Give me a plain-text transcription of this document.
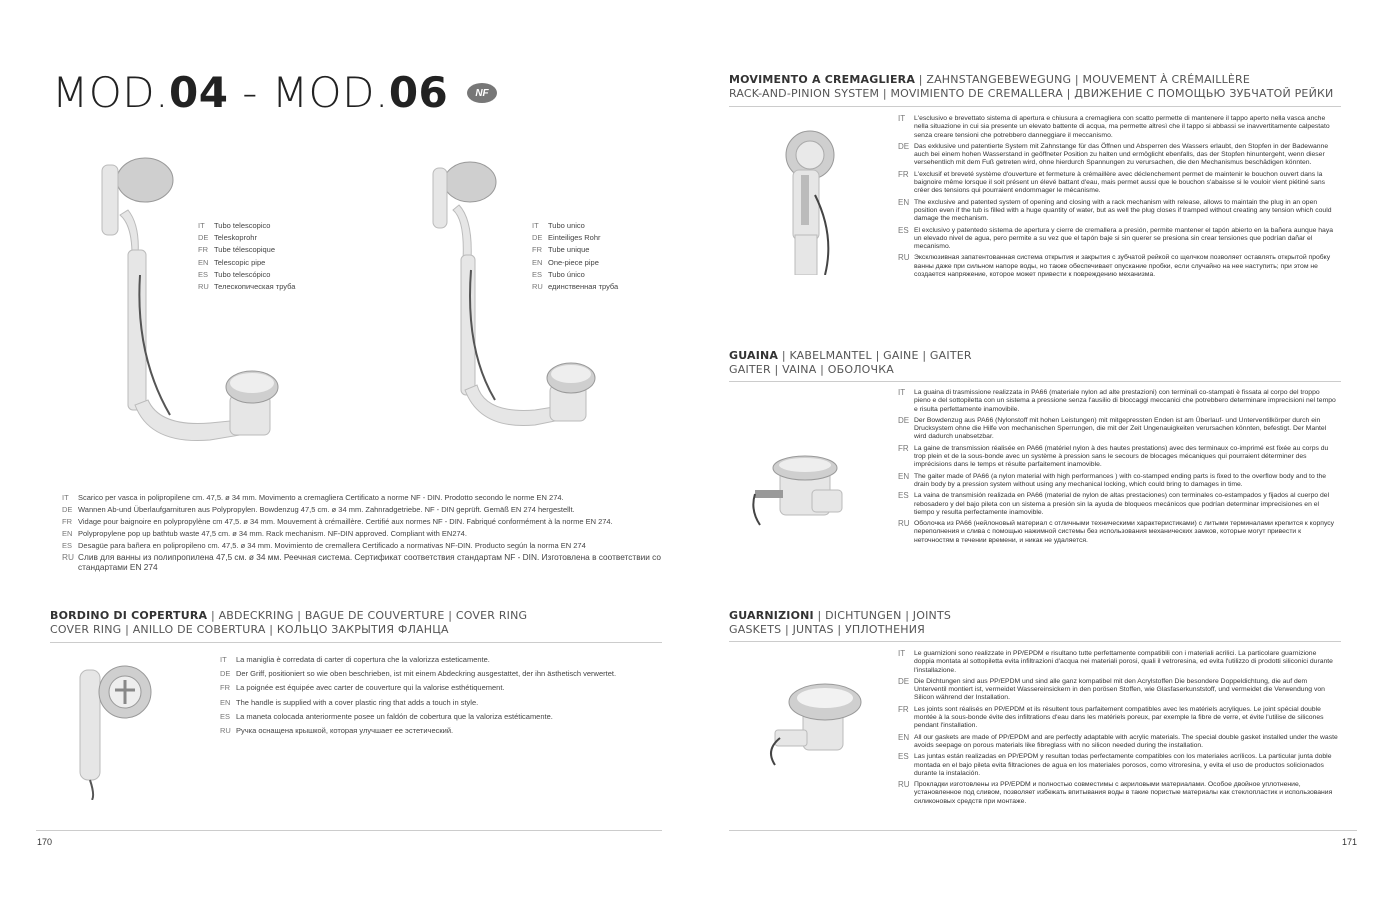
MOD.04 - MOD.06	NF
IT	Tubo telescopico
DE Teleskoprohr
FR Tube télescopique
EN Telescopic pipe
ES Tubo telescópico
RU Телескопическая труба
IT	Tubo unico
DE Einteiliges Rohr
FR Tube unique
EN One-piece pipe
ES Tubo único
RU единственная труба
IT	Scarico per vasca in polipropilene cm. 47,5. ø 34 mm. Movimento a cremagliera Certificato a norme NF - DIN. Prodotto secondo le norme EN 274.
DE Wannen Ab-und Überlaufgarnituren aus Polypropylen. Bowdenzug 47,5 cm. ø 34 mm. Zahnradgetriebe. NF - DIN geprüft. Gemäß EN 274 hergestellt.
FR Vidage pour baignoire en polypropylène cm 47,5. ø 34 mm. Mouvement à crémaillère. Certifié aux normes NF - DIN. Fabriqué conformément à la norme EN 274.
EN Polypropylene pop up bathtub waste 47,5 cm. ø 34 mm. Rack mechanism. NF-DIN approved. Compliant with EN274.
ES Desagüe para bañera en polipropileno cm. 47,5. ø 34 mm. Movimiento de cremallera Certificado a normativas NF-DIN. Producto según la norma EN 274
RU Слив для ванны из полипропилена 47,5 см. ø 34 мм. Реечная система. Сертификат соответствия стандартам NF - DIN. Изготовлена в соответствии со стандартами EN 274
BORDINO DI COPERTURA | ABDECKRING | BAGUE DE COUVERTURE | COVER RING
COVER RING | ANILLO DE COBERTURA | КОЛЬЦО ЗАКРЫТИЯ ФЛАНЦА
IT	La maniglia è corredata di carter di copertura che la valorizza esteticamente.
DE Der Griff, positioniert so wie oben beschrieben, ist mit einem Abdeckring ausgestattet, der ihn ästhetisch verwertet.
FR La poignée est équipée avec carter de couverture qui la valorise esthétiquement.
EN The handle is supplied with a cover plastic ring that adds a touch in style.
ES La maneta colocada anteriormente posee un faldón de cobertura que la valoriza estéticamente.
RU Ручка оснащена крышкой, которая улучшает ее эстетический.
170
MOVIMENTO A CREMAGLIERA | ZAHNSTANGEBEWEGUNG | MOUVEMENT À CRÉMAILLÈRE
RACK-AND-PINION SYSTEM | MOVIMIENTO DE CREMALLERA | ДВИЖЕНИЕ С ПОМОЩЬЮ ЗУБЧАТОЙ РЕЙКИ
IT	L'esclusivo e brevettato sistema di apertura e chiusura a cremagliera con scatto permette di mantenere il tappo aperto nella vasca anche nella situazione in cui sia presente un elevato battente di acqua, ma permette altresì che il tappo si abbassi se inavvertitamente calpestato senza creare tensioni che potrebbero danneggiare il meccanismo.
DE Das exklusive und patentierte System mit Zahnstange für das Öffnen und Absperren des Wassers erlaubt, den Stopfen in der Badewanne auch bei einem hohen Wasserstand in geöffneter Position zu halten und ermöglicht ebenfalls, das der Stopfen hinuntergeht, wenn dieser versehentlich mit dem Fuß getreten wird, ohne hierdurch Spannungen zu verursachen, die den Mechanismus beschädigen könnten.
FR L'exclusif et breveté système d'ouverture et fermeture à crémaillère avec déclenchement permet de maintenir le bouchon ouvert dans la baignoire même lorsque il soit présent un élevé battant d'eau, mais permet aussi que le bouchon s'abaisse si le vouloir vient piétiné sans créer des tensions qui pourraient endommager le mécanisme.
EN The exclusive and patented system of opening and closing with a rack mechanism with release, allows to maintain the plug in an open position even if the tub is filled with a huge quantity of water, but as well the plug closes if tramped without creating any tension which could damage the mechanism.
ES El exclusivo y patentedo sistema de apertura y cierre de cremallera a presión, permite mantener el tapón abierto en la bañera aunque haya un elevado nivel de agua, pero permite a su vez que el tapón baje si sin querer se presiona sin crear tensiones que podrían dañar el mecanismo.
RU Эксклюзивная запатентованная система открытия и закрытия с зубчатой рейкой со щелчком позволяет оставлять открытой пробку ванны даже при сильном напоре воды, но также обеспечивает опускание пробки, если случайно на нее наступить; при этом не создается напряжение, которое может привести к повреждению механизма.
GUAINA | KABELMANTEL | GAINE | GAITER
GAITER | VAINA | ОБОЛОЧКА
IT	La guaina di trasmissione realizzata in PA66 (materiale nylon ad alte prestazioni) con terminali co-stampati è fissata al corpo del troppo pieno e del sottopiletta con un sistema a pressione senza l'ausilio di bloccaggi meccanici che potrebbero determinare imprecisioni nel tempo e risulta perfettamente inamovibile.
DE Der Bowdenzug aus PA66 (Nylonstoff mit hohen Leistungen) mit mitgepressten Enden ist am Überlauf- und Unterventilkörper durch ein Drucksystem ohne die Hilfe von mechanischen Sperrungen, die mit der Zeit Ungenauigkeiten verursachen könnten, befestigt. Der Mantel wird dadurch unabsetzbar.
FR La gaine de transmission réalisée en PA66 (matériel nylon à des hautes prestations) avec des terminaux co-imprimé est fixée au corps du trop plein et de la sous-bonde avec un système à pression sans le secours de blocages mécaniques qui pourraient déterminer des imprécisions dans le temps et résulte parfaitement inamovible.
EN The gaiter made of PA66 (a nylon material with high performances ) with co-stamped ending parts is fixed to the overflow body and to the drain body by a pression system without using any mechanical locking, which could bring to damages in time.
ES La vaina de transmisión realizada en PA66 (material de nylon de altas prestaciones) con terminales co-estampados y fijados al cuerpo del rebosadero y del bajo pileta con un sistema a presión sin la ayuda de bloqueos mecánicos que podrían determinar imprecisiones en el tiempo y resulta perfectamente inamovible.
RU Оболочка из PA66 (нейлоновый материал с отличными техническими характеристиками) с литыми терминалами крепится к корпусу переполнения и слива с помощью нажимной системы без использования механических замков, которые могут привести к неточностям в течении времени, и никак не удаляется.
GUARNIZIONI | DICHTUNGEN | JOINTS
GASKETS | JUNTAS | УПЛОТНЕНИЯ
IT	Le guarnizioni sono realizzate in PP/EPDM e risultano tutte perfettamente compatibili con i materiali acrilici. La particolare guarnizione doppia montata al sottopiletta evita infiltrazioni d'acqua nei materiali porosi, quali il vetroresina, ed evita l'utilizzo di prodotti siliconici durante l'installazione.
DE Die Dichtungen sind aus PP/EPDM und sind alle ganz kompatibel mit den Acrylstoffen Die besondere Doppeldichtung, die auf dem Unterventil montiert ist, vermeidet Wassereinsickern in den porösen Stoffen, wie Glasfaserkunststoff, und vermeidet die Verwendung von Silicon während der Installation.
FR Les joints sont réalisés en PP/EPDM et ils résultent tous parfaitement compatibles avec les matériels acryliques. Le joint spécial double montée à la sous-bonde évite des infiltrations d'eau dans les matériels poreux, par exemple la fibre de verre, et évite l'utilise de silicones pendant l'installation.
EN All our gaskets are made of PP/EPDM and are perfectly adaptable with acrylic materials. The special double gasket installed under the waste avoids seepage on porous materials like fibreglass with no silicon needed during the installation.
ES Las juntas están realizadas en PP/EPDM y resultan todas perfectamente compatibles con los materiales acrílicos. La particular junta doble montada en el bajo pileta evita filtraciones de agua en los materiales porosos, como vitroresina, y evita el uso de productos solicionados durante la instalación.
RU Прокладки изготовлены из PP/EPDM и полностью совместимы с акриловыми материалами. Особое двойное уплотнение, установленное под сливом, позволяет избежать впитывания воды в такие пористые материалы как стеклопластик и использования силиконовых средств при монтаже.
171
